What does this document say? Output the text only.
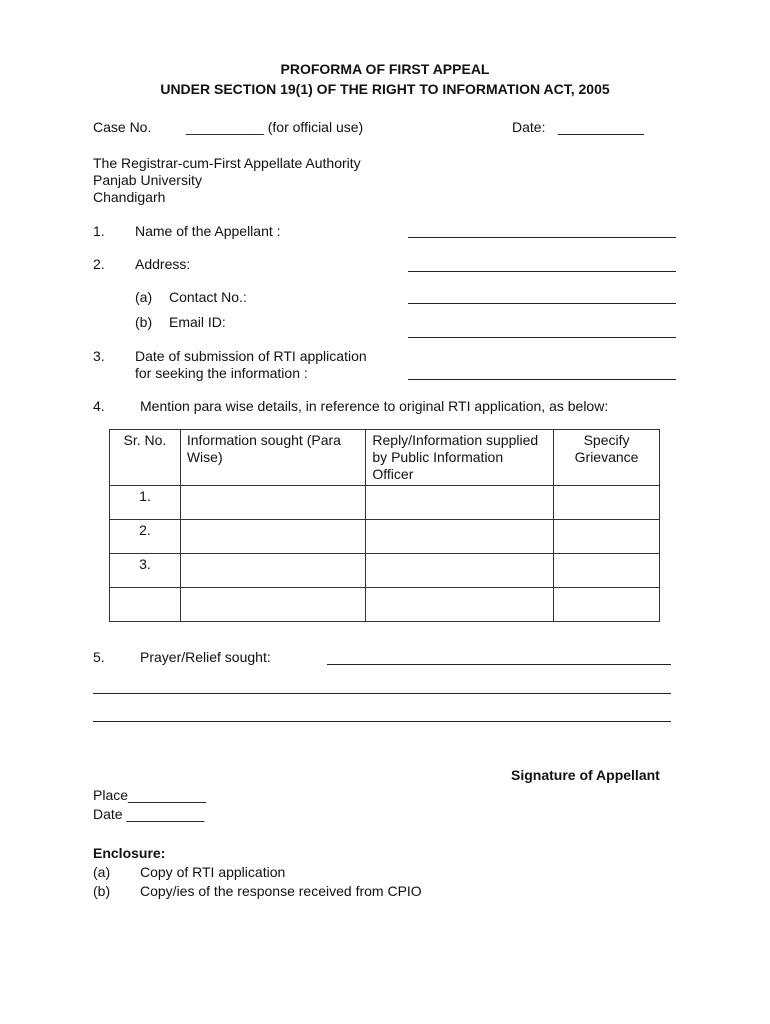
PROFORMA OF FIRST APPEAL
UNDER SECTION 19(1) OF THE RIGHT TO INFORMATION ACT, 2005
Case No. __________ (for official use)	Date:
The Registrar-cum-First Appellate Authority
Panjab University
Chandigarh
1. Name of the Appellant :
2. Address:
(a) Contact No.:
(b) Email ID:
3. Date of submission of RTI application
for seeking the information :
4.	Mention para wise details, in reference to original RTI application, as below:
Sr. No.	Information sought (Para Wise)	Reply/Information supplied by Public Information Officer	Specify Grievance
1.			
2.			
3.			

5.	Prayer/Relief sought:
Signature of Appellant
Place__________
Date __________
Enclosure:
(a) Copy of RTI application
(b) Copy/ies of the response received from CPIO
